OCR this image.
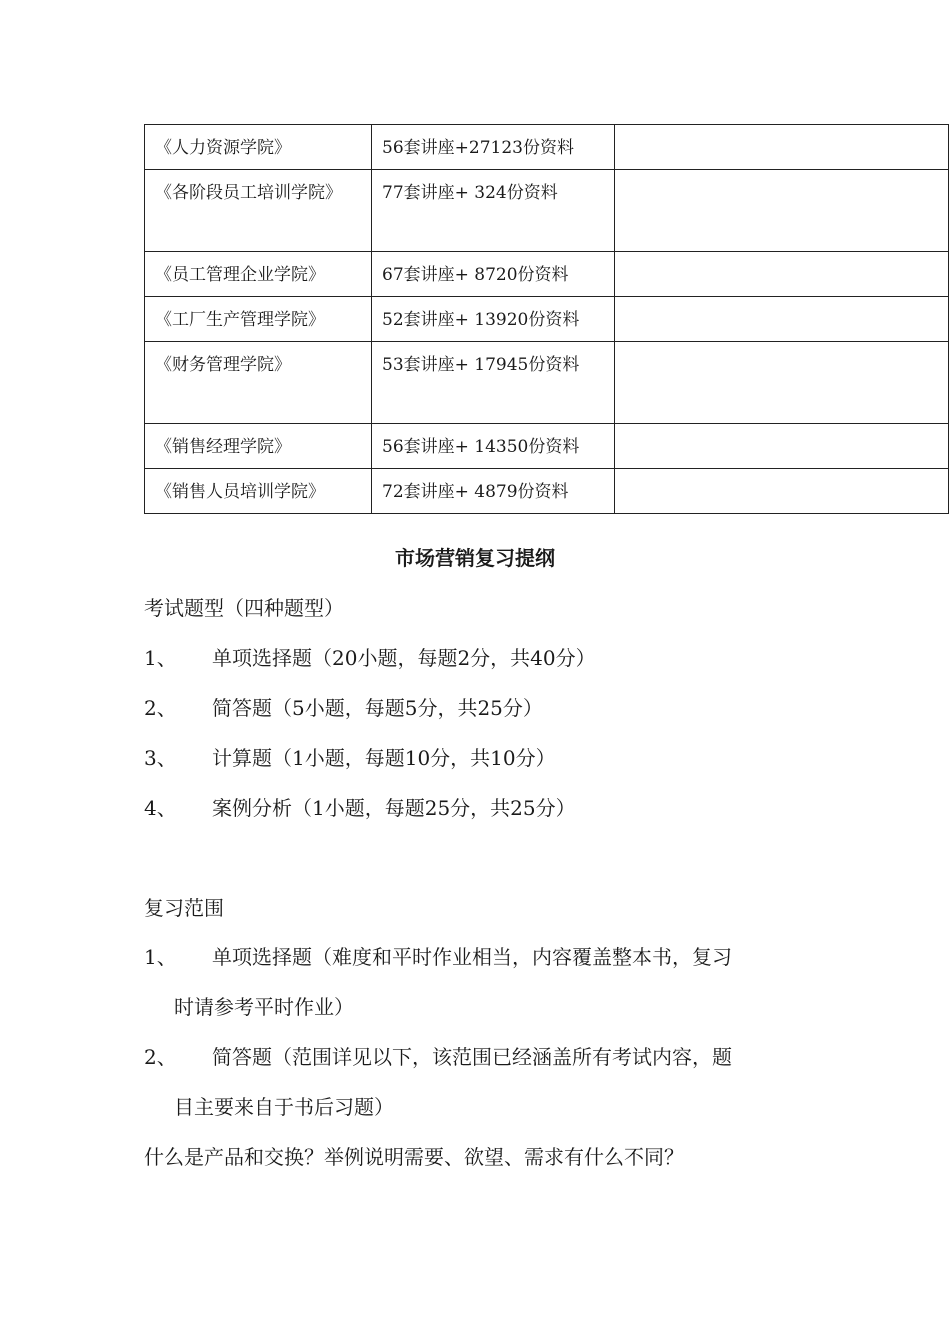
《人力资源学院》	56套讲座+27123份资料	
《各阶段员工培训学院》	77套讲座+ 324份资料	
《员工管理企业学院》	67套讲座+ 8720份资料	
《工厂生产管理学院》	52套讲座+ 13920份资料	
《财务管理学院》	53套讲座+ 17945份资料	
《销售经理学院》	56套讲座+ 14350份资料	
《销售人员培训学院》	72套讲座+ 4879份资料	
市场营销复习提纲
考试题型（四种题型）
1、 单项选择题（20小题，每题2分，共40分）
2、 简答题（5小题，每题5分，共25分）
3、 计算题（1小题，每题10分，共10分）
4、 案例分析（1小题，每题25分，共25分）
复习范围
1、 单项选择题（难度和平时作业相当，内容覆盖整本书，复习
时请参考平时作业）
2、 简答题（范围详见以下，该范围已经涵盖所有考试内容，题
目主要来自于书后习题）
什么是产品和交换？举例说明需要、欲望、需求有什么不同？
